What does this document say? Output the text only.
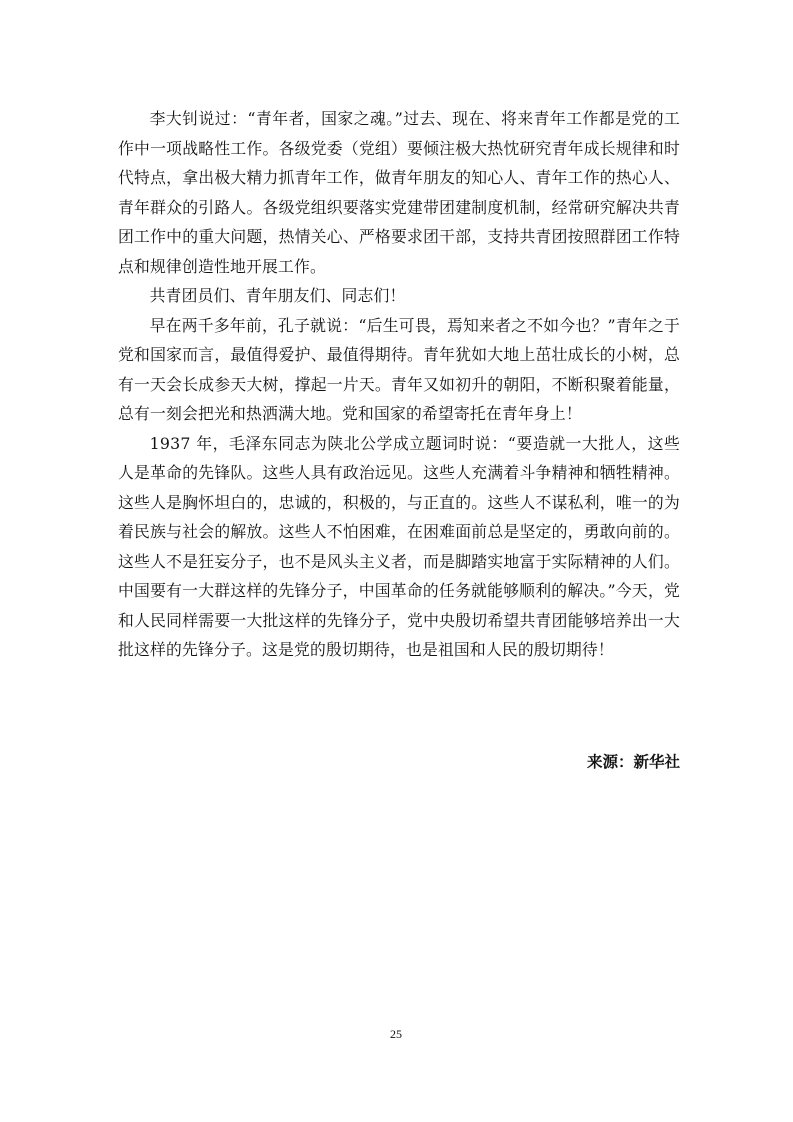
李大钊说过：“青年者，国家之魂。”过去、现在、将来青年工作都是党的工作中一项战略性工作。各级党委（党组）要倾注极大热忱研究青年成长规律和时代特点，拿出极大精力抓青年工作，做青年朋友的知心人、青年工作的热心人、青年群众的引路人。各级党组织要落实党建带团建制度机制，经常研究解决共青团工作中的重大问题，热情关心、严格要求团干部，支持共青团按照群团工作特点和规律创造性地开展工作。

共青团员们、青年朋友们、同志们！

早在两千多年前，孔子就说：“后生可畏，焉知来者之不如今也？”青年之于党和国家而言，最值得爱护、最值得期待。青年犹如大地上茁壮成长的小树，总有一天会长成参天大树，撑起一片天。青年又如初升的朝阳，不断积聚着能量，总有一刻会把光和热洒满大地。党和国家的希望寄托在青年身上！

1937 年，毛泽东同志为陕北公学成立题词时说：“要造就一大批人，这些人是革命的先锋队。这些人具有政治远见。这些人充满着斗争精神和牺牲精神。这些人是胸怀坦白的，忠诚的，积极的，与正直的。这些人不谋私利，唯一的为着民族与社会的解放。这些人不怕困难，在困难面前总是坚定的，勇敢向前的。这些人不是狂妄分子，也不是风头主义者，而是脚踏实地富于实际精神的人们。中国要有一大群这样的先锋分子，中国革命的任务就能够顺利的解决。”今天，党和人民同样需要一大批这样的先锋分子，党中央殷切希望共青团能够培养出一大批这样的先锋分子。这是党的殷切期待，也是祖国和人民的殷切期待！

来源：新华社
25
